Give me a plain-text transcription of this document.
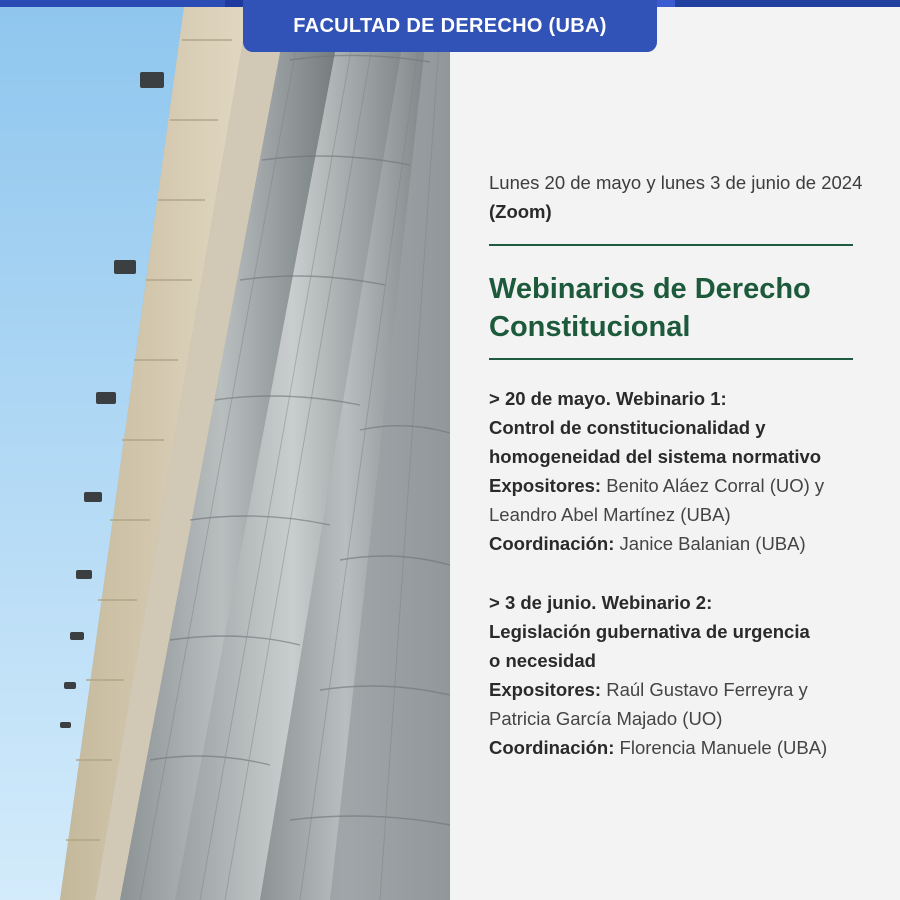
FACULTAD DE DERECHO (UBA)
Lunes 20 de mayo y lunes 3 de junio de 2024 (Zoom)
Webinarios de Derecho
Constitucional
> 20 de mayo. Webinario 1:
Control de constitucionalidad y
homogeneidad del sistema normativo
Expositores: Benito Aláez Corral (UO) y
Leandro Abel Martínez (UBA)
Coordinación: Janice Balanian (UBA)
> 3 de junio. Webinario 2:
Legislación gubernativa de urgencia
o necesidad
Expositores: Raúl Gustavo Ferreyra y
Patricia García Majado (UO)
Coordinación: Florencia Manuele (UBA)
